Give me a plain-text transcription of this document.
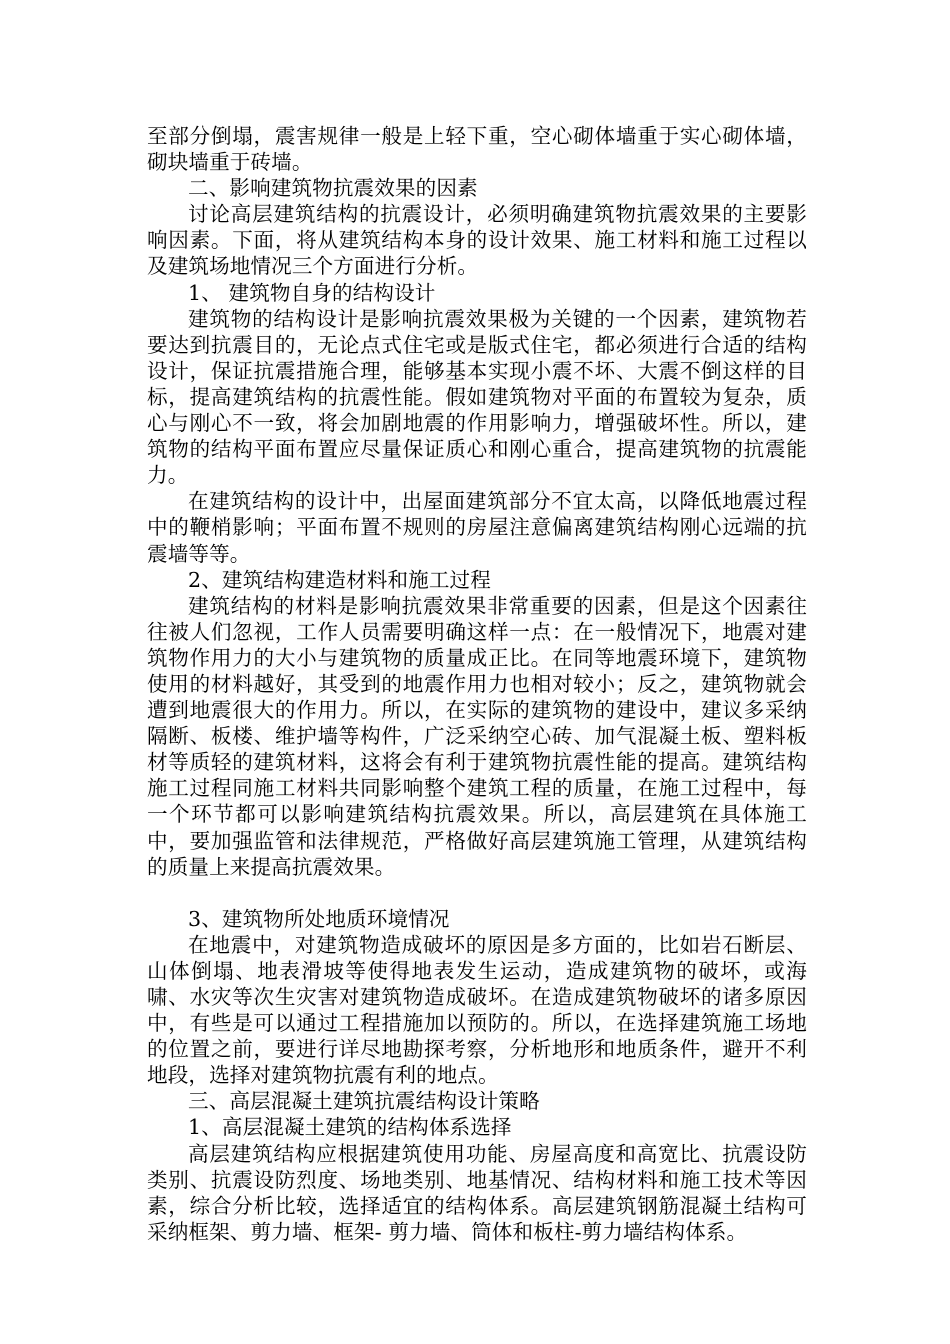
至部分倒塌，震害规律一般是上轻下重，空心砌体墙重于实心砌体墙，砌块墙重于砖墙。

二、影响建筑物抗震效果的因素

讨论高层建筑结构的抗震设计，必须明确建筑物抗震效果的主要影响因素。下面，将从建筑结构本身的设计效果、施工材料和施工过程以及建筑场地情况三个方面进行分析。

1、 建筑物自身的结构设计

建筑物的结构设计是影响抗震效果极为关键的一个因素，建筑物若要达到抗震目的，无论点式住宅或是版式住宅，都必须进行合适的结构设计，保证抗震措施合理，能够基本实现小震不坏、大震不倒这样的目标，提高建筑结构的抗震性能。假如建筑物对平面的布置较为复杂，质心与刚心不一致，将会加剧地震的作用影响力，增强破坏性。所以，建筑物的结构平面布置应尽量保证质心和刚心重合，提高建筑物的抗震能力。

在建筑结构的设计中，出屋面建筑部分不宜太高，以降低地震过程中的鞭梢影响；平面布置不规则的房屋注意偏离建筑结构刚心远端的抗震墙等等。

2、建筑结构建造材料和施工过程

建筑结构的材料是影响抗震效果非常重要的因素，但是这个因素往往被人们忽视，工作人员需要明确这样一点：在一般情况下，地震对建筑物作用力的大小与建筑物的质量成正比。在同等地震环境下，建筑物使用的材料越好，其受到的地震作用力也相对较小；反之，建筑物就会遭到地震很大的作用力。所以，在实际的建筑物的建设中，建议多采纳隔断、板楼、维护墙等构件，广泛采纳空心砖、加气混凝土板、塑料板材等质轻的建筑材料，这将会有利于建筑物抗震性能的提高。建筑结构施工过程同施工材料共同影响整个建筑工程的质量，在施工过程中，每一个环节都可以影响建筑结构抗震效果。所以，高层建筑在具体施工中，要加强监管和法律规范，严格做好高层建筑施工管理，从建筑结构的质量上来提高抗震效果。

3、建筑物所处地质环境情况

在地震中，对建筑物造成破坏的原因是多方面的，比如岩石断层、山体倒塌、地表滑坡等使得地表发生运动，造成建筑物的破坏，或海啸、水灾等次生灾害对建筑物造成破坏。在造成建筑物破坏的诸多原因中，有些是可以通过工程措施加以预防的。所以，在选择建筑施工场地的位置之前，要进行详尽地勘探考察，分析地形和地质条件，避开不利地段，选择对建筑物抗震有利的地点。

三、高层混凝土建筑抗震结构设计策略

1、高层混凝土建筑的结构体系选择

高层建筑结构应根据建筑使用功能、房屋高度和高宽比、抗震设防类别、抗震设防烈度、场地类别、地基情况、结构材料和施工技术等因素，综合分析比较，选择适宜的结构体系。高层建筑钢筋混凝土结构可采纳框架、剪力墙、框架- 剪力墙、筒体和板柱-剪力墙结构体系。
